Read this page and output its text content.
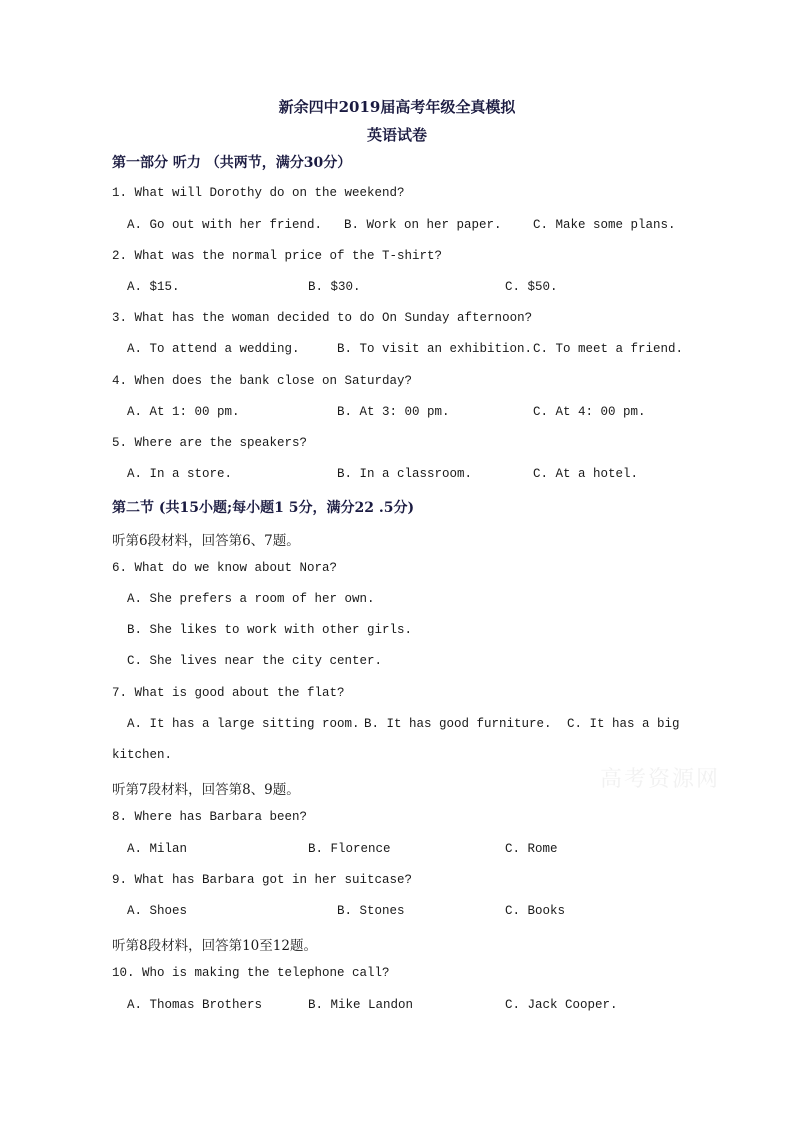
新余四中2019届高考年级全真模拟
英语试卷
第一部分 听力 （共两节，满分30分）
1. What will Dorothy do on the weekend?
A. Go out with her friend. B. Work on her paper.	C. Make some plans.
2. What was the normal price of the T-shirt?
A. $15.	B. $30.	C. $50.
3. What has the woman decided to do On Sunday afternoon?
A. To attend a wedding.	B. To visit an exhibition. C. To meet a friend.
4. When does the bank close on Saturday?
A. At 1: 00 pm.	B. At 3: 00 pm.	C. At 4: 00 pm.
5. Where are the speakers?
A. In a store.	B. In a classroom.	C. At a hotel.
第二节 (共15小题;每小题1 5分，满分22 .5分)
听第6段材料，回答第6、7题。
6. What do we know about Nora?
A. She prefers a room of her own.
B. She likes to work with other girls.
C. She lives near the city center.
7. What is good about the flat?
A. It has a large sitting room. B. It has good furniture. C. It has a big
kitchen.
高考资源网
听第7段材料，回答第8、9题。
8. Where has Barbara been?
A. Milan	B. Florence	C. Rome
9. What has Barbara got in her suitcase?
A. Shoes	B. Stones	C. Books
听第8段材料，回答第10至12题。
10. Who is making the telephone call?
A. Thomas Brothers	B. Mike Landon	C. Jack Cooper.
